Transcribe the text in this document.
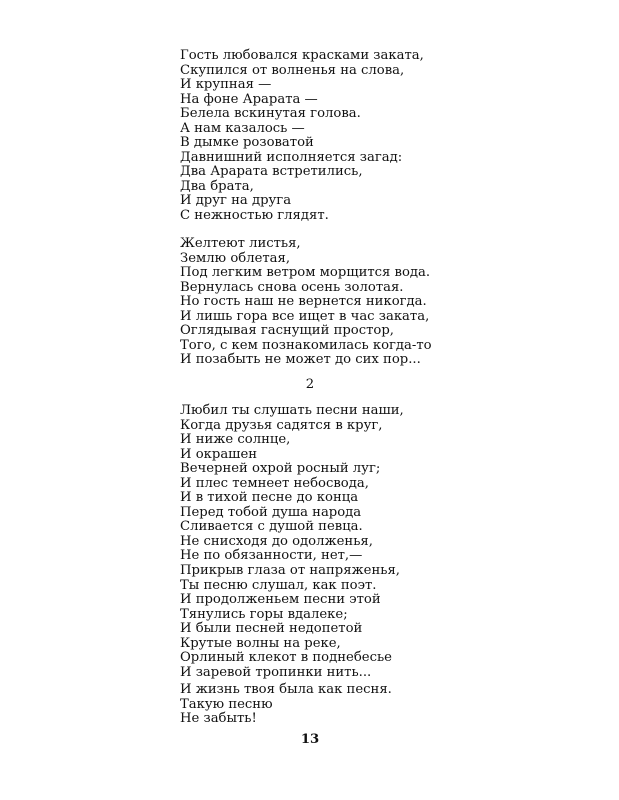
Гость любовался красками заката,
Скупился от волненья на слова,
И крупная —
На фоне Арарата —
Белела вскинутая голова.
А нам казалось —
В дымке розоватой
Давнишний исполняется загад:
Два Арарата встретились,
Два брата,
И друг на друга
С нежностью глядят.
Желтеют листья,
Землю облетая,
Под легким ветром морщится вода.
Вернулась снова осень золотая.
Но гость наш не вернется никогда.
И лишь гора все ищет в час заката,
Оглядывая гаснущий простор,
Того, с кем познакомилась когда-то
И позабыть не может до сих пор...
2
Любил ты слушать песни наши,
Когда друзья садятся в круг,
И ниже солнце,
И окрашен
Вечерней охрой росный луг;
И плес темнеет небосвода,
И в тихой песне до конца
Перед тобой душа народа
Сливается с душой певца.
Не снисходя до одолженья,
Не по обязанности, нет,—
Прикрыв глаза от напряженья,
Ты песню слушал, как поэт.
И продолженьем песни этой
Тянулись горы вдалеке;
И были песней недопетой
Крутые волны на реке,
Орлиный клекот в поднебесье
И заревой тропинки нить...
И жизнь твоя была как песня.
Такую песню
Не забыть!
13
